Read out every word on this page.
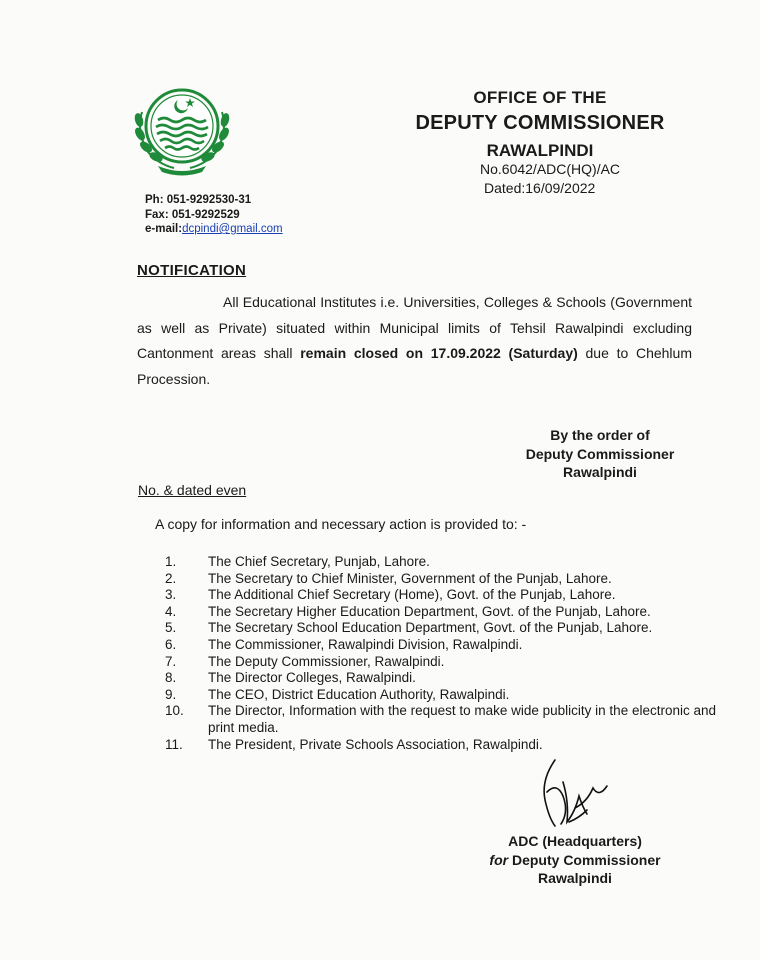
OFFICE OF THE
DEPUTY COMMISSIONER
RAWALPINDI
No.6042/ADC(HQ)/AC
Dated:16/09/2022
Ph: 051-9292530-31
Fax: 051-9292529
e-mail:dcpindi@gmail.com
NOTIFICATION
All Educational Institutes i.e. Universities, Colleges & Schools (Government as well as Private) situated within Municipal limits of Tehsil Rawalpindi excluding Cantonment areas shall remain closed on 17.09.2022 (Saturday) due to Chehlum Procession.
By the order of
Deputy Commissioner
Rawalpindi
No. & dated even
A copy for information and necessary action is provided to: -
1.	The Chief Secretary, Punjab, Lahore.
2.	The Secretary to Chief Minister, Government of the Punjab, Lahore.
3.	The Additional Chief Secretary (Home), Govt. of the Punjab, Lahore.
4.	The Secretary Higher Education Department, Govt. of the Punjab, Lahore.
5.	The Secretary School Education Department, Govt. of the Punjab, Lahore.
6.	The Commissioner, Rawalpindi Division, Rawalpindi.
7.	The Deputy Commissioner, Rawalpindi.
8.	The Director Colleges, Rawalpindi.
9.	The CEO, District Education Authority, Rawalpindi.
10.	The Director, Information with the request to make wide publicity in the electronic and print media.
11.	The President, Private Schools Association, Rawalpindi.
ADC (Headquarters)
for Deputy Commissioner
Rawalpindi
